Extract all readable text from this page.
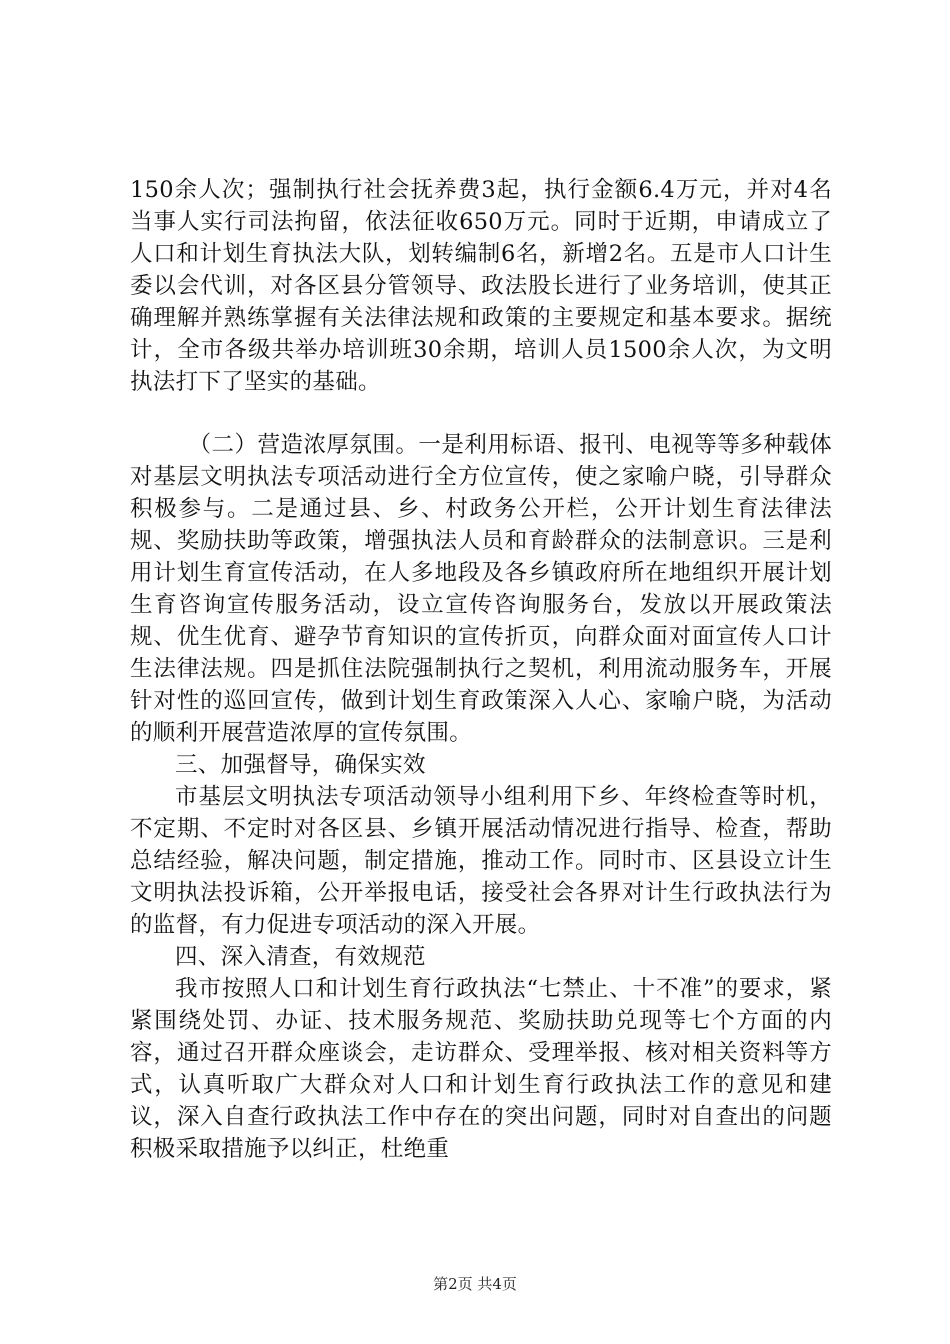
150余人次；强制执行社会抚养费3起，执行金额6.4万元，并对4名当事人实行司法拘留，依法征收650万元。同时于近期，申请成立了人口和计划生育执法大队，划转编制6名，新增2名。五是市人口计生委以会代训，对各区县分管领导、政法股长进行了业务培训，使其正确理解并熟练掌握有关法律法规和政策的主要规定和基本要求。据统计，全市各级共举办培训班30余期，培训人员1500余人次，为文明执法打下了坚实的基础。

（二）营造浓厚氛围。一是利用标语、报刊、电视等等多种载体对基层文明执法专项活动进行全方位宣传，使之家喻户晓，引导群众积极参与。二是通过县、乡、村政务公开栏，公开计划生育法律法规、奖励扶助等政策，增强执法人员和育龄群众的法制意识。三是利用计划生育宣传活动，在人多地段及各乡镇政府所在地组织开展计划生育咨询宣传服务活动，设立宣传咨询服务台，发放以开展政策法规、优生优育、避孕节育知识的宣传折页，向群众面对面宣传人口计生法律法规。四是抓住法院强制执行之契机，利用流动服务车，开展针对性的巡回宣传，做到计划生育政策深入人心、家喻户晓，为活动的顺利开展营造浓厚的宣传氛围。

三、加强督导，确保实效

市基层文明执法专项活动领导小组利用下乡、年终检查等时机，不定期、不定时对各区县、乡镇开展活动情况进行指导、检查，帮助总结经验，解决问题，制定措施，推动工作。同时市、区县设立计生文明执法投诉箱，公开举报电话，接受社会各界对计生行政执法行为的监督，有力促进专项活动的深入开展。

四、深入清查，有效规范

我市按照人口和计划生育行政执法“七禁止、十不准”的要求，紧紧围绕处罚、办证、技术服务规范、奖励扶助兑现等七个方面的内容，通过召开群众座谈会，走访群众、受理举报、核对相关资料等方式，认真听取广大群众对人口和计划生育行政执法工作的意见和建议，深入自查行政执法工作中存在的突出问题，同时对自查出的问题积极采取措施予以纠正，杜绝重

第2页 共4页
